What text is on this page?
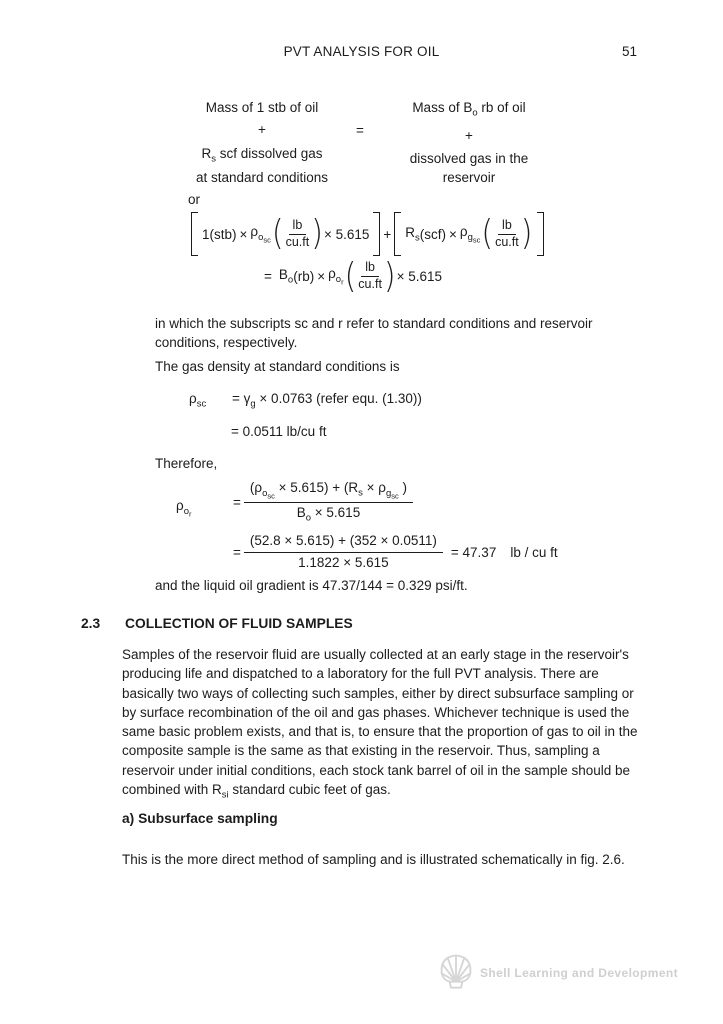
PVT ANALYSIS FOR OIL	51
Mass of 1 stb of oil
+
$R_s$ scf dissolved gas
at standard conditions
=
Mass of $B_o$ rb of oil
+
dissolved gas in the
reservoir
or
$1(stb) \times \rho_{o_{sc}}$ ( $\frac{lb}{cu.ft}$ ) × $5.615 + R_s$ $(scf) \times \rho_{g_{sc}}$ ( $\frac{lb}{cu.ft}$ )

= $B_o$ $(rb) \times \rho_{o_r}$ ( $\frac{lb}{cu.ft}$ ) × 5.615
in which the subscripts sc and r refer to standard conditions and reservoir
conditions, respectively.
The gas density at standard conditions is
$\rho_{sc} = \gamma_g \times 0.0763$ (refer equ. (1.30))
= 0.0511 lb/cu ft
Therefore,
$\rho_{o_r}$
=
$(\rho_{o_{sc}} \times 5.615) + (R_s \times \rho_{g_{sc}}$ )
$B_o \times 5.615$

= $\frac{(52.8 \times 5.615) + (352 \times 0.0511)}{1.1822 \times 5.615} = 47.37$ lb / cu ft
and the liquid oil gradient is 47.37/144 = 0.329 psi/ft.
2.3 COLLECTION OF FLUID SAMPLES
Samples of the reservoir fluid are usually collected at an early stage in the reservoir's
producing life and dispatched to a laboratory for the full PVT analysis. There are
basically two ways of collecting such samples, either by direct subsurface sampling or
by surface recombination of the oil and gas phases. Whichever technique is used the
same basic problem exists, and that is, to ensure that the proportion of gas to oil in the
composite sample is the same as that existing in the reservoir. Thus, sampling a
reservoir under initial conditions, each stock tank barrel of oil in the sample should be
combined with $R_{si}$ standard cubic feet of gas.
a) Subsurface sampling
This is the more direct method of sampling and is illustrated schematically in fig. 2.6.
Shell Learning and Development
